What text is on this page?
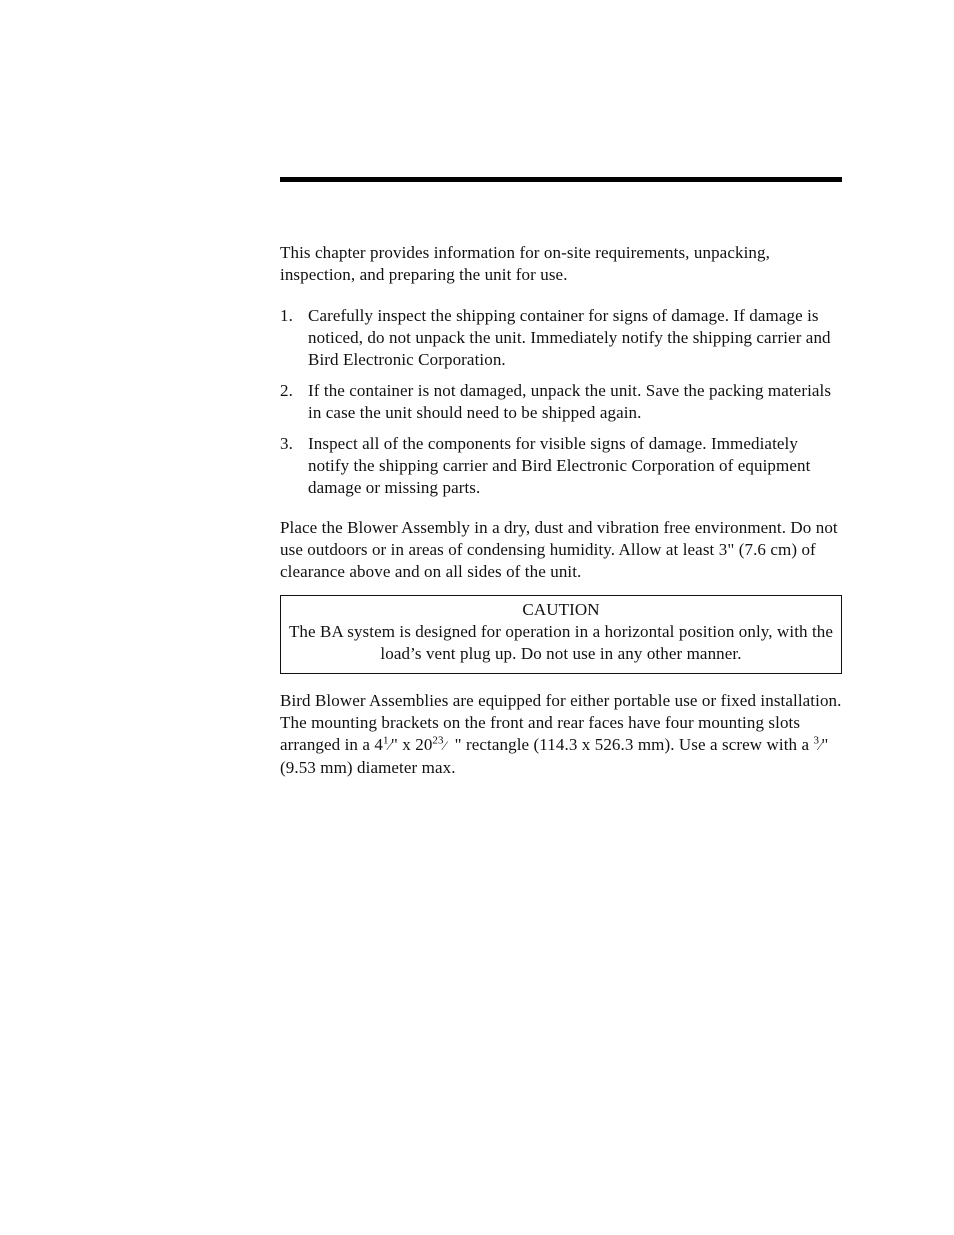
This chapter provides information for on-site requirements, unpacking, inspection, and preparing the unit for use.

1. Carefully inspect the shipping container for signs of damage. If damage is noticed, do not unpack the unit. Immediately notify the shipping carrier and Bird Electronic Corporation.
2. If the container is not damaged, unpack the unit. Save the packing materials in case the unit should need to be shipped again.
3. Inspect all of the components for visible signs of damage. Immediately notify the shipping carrier and Bird Electronic Corporation of equipment damage or missing parts.

Place the Blower Assembly in a dry, dust and vibration free environment. Do not use outdoors or in areas of condensing humidity. Allow at least 3" (7.6 cm) of clearance above and on all sides of the unit.

CAUTION
The BA system is designed for operation in a horizontal position only, with the load’s vent plug up. Do not use in any other manner.

Bird Blower Assemblies are equipped for either portable use or fixed installation. The mounting brackets on the front and rear faces have four mounting slots arranged in a $4^1⁄$" x $20^{23}⁄$ " rectangle (114.3 x 526.3 mm). Use a screw with a $^3$⁄" (9.53 mm) diameter max.
